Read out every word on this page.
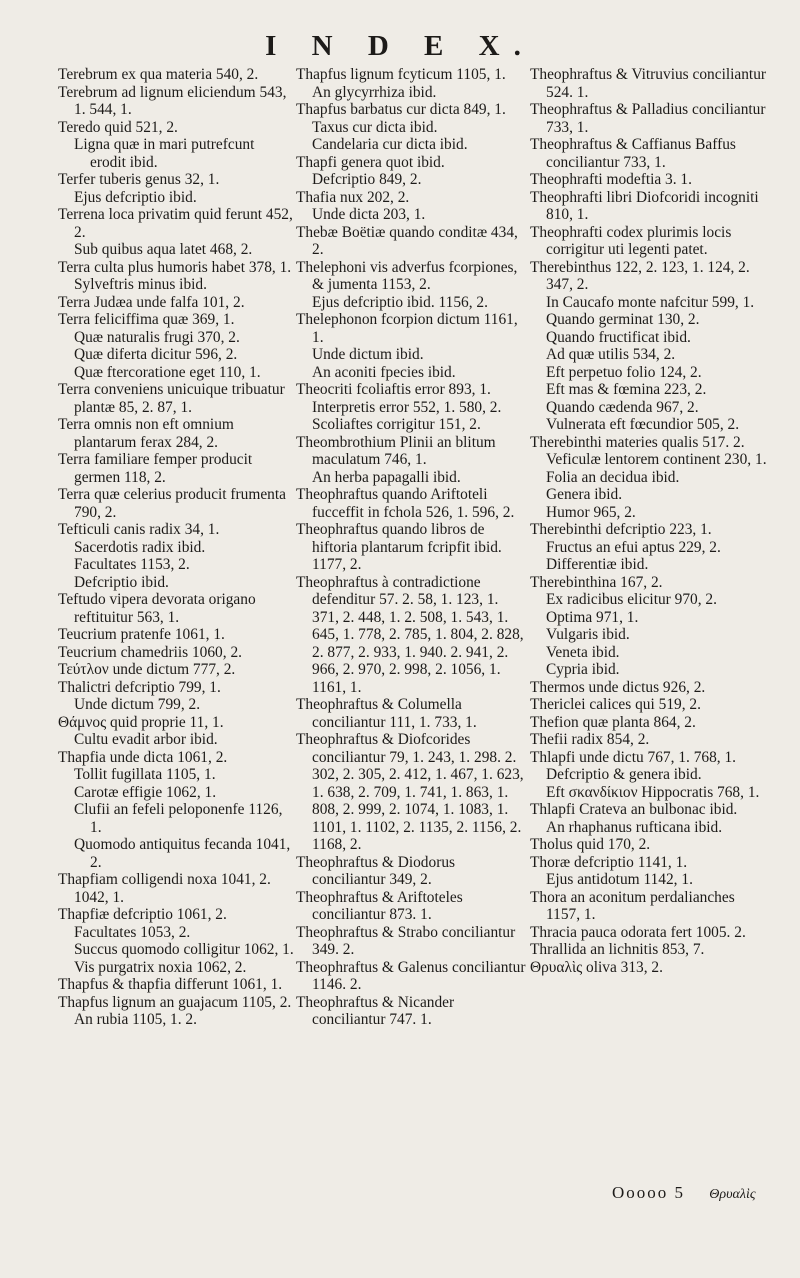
I N D E X.

Terebrum ex qua materia 540, 2.

Terebrum ad lignum eliciendum 543, 1. 544, 1.

Teredo quid 521, 2.

Ligna quæ in mari putrefcunt erodit ibid.

Terfer tuberis genus 32, 1.

Ejus defcriptio ibid.

Terrena loca privatim quid ferunt 452, 2.

Sub quibus aqua latet 468, 2.

Terra culta plus humoris habet 378, 1.

Sylveftris minus ibid.

Terra Judæa unde falfa 101, 2.

Terra feliciffima quæ 369, 1.

Quæ naturalis frugi 370, 2.

Quæ diferta dicitur 596, 2.

Quæ ftercoratione eget 110, 1.

Terra conveniens unicuique tribuatur plantæ 85, 2. 87, 1.

Terra omnis non eft omnium plantarum ferax 284, 2.

Terra familiare femper producit germen 118, 2.

Terra quæ celerius producit frumenta 790, 2.

Tefticuli canis radix 34, 1.

Sacerdotis radix ibid.

Facultates 1153, 2.

Defcriptio ibid.

Teftudo vipera devorata origano reftituitur 563, 1.

Teucrium pratenfe 1061, 1.

Teucrium chamedriis 1060, 2.

Τεύτλον unde dictum 777, 2.

Thalictri defcriptio 799, 1.

Unde dictum 799, 2.

Θάμνος quid proprie 11, 1.

Cultu evadit arbor ibid.

Thapfia unde dicta 1061, 2.

Tollit fugillata 1105, 1.

Carotæ effigie 1062, 1.

Clufii an fefeli peloponenfe 1126, 1.

Quomodo antiquitus fecanda 1041, 2.

Thapfiam colligendi noxa 1041, 2. 1042, 1.

Thapfiæ defcriptio 1061, 2.

Facultates 1053, 2.

Succus quomodo colligitur 1062, 1.

Vis purgatrix noxia 1062, 2.

Thapfus & thapfia differunt 1061, 1.

Thapfus lignum an guajacum 1105, 2.

An rubia 1105, 1. 2.

Thapfus lignum fcyticum 1105, 1.

An glycyrrhiza ibid.

Thapfus barbatus cur dicta 849, 1.

Taxus cur dicta ibid.

Candelaria cur dicta ibid.

Thapfi genera quot ibid.

Defcriptio 849, 2.

Thafia nux 202, 2.

Unde dicta 203, 1.

Thebæ Boëtiæ quando conditæ 434, 2.

Thelephoni vis adverfus fcorpiones, & jumenta 1153, 2.

Ejus defcriptio ibid. 1156, 2.

Thelephonon fcorpion dictum 1161, 1.

Unde dictum ibid.

An aconiti fpecies ibid.

Theocriti fcoliaftis error 893, 1.

Interpretis error 552, 1. 580, 2.

Scoliaftes corrigitur 151, 2.

Theombrothium Plinii an blitum maculatum 746, 1.

An herba papagalli ibid.

Theophraftus quando Ariftoteli fucceffit in fchola 526, 1. 596, 2.

Theophraftus quando libros de hiftoria plantarum fcripfit ibid. 1177, 2.

Theophraftus à contradictione defenditur 57. 2. 58, 1. 123, 1. 371, 2. 448, 1. 2. 508, 1. 543, 1. 645, 1. 778, 2. 785, 1. 804, 2. 828, 2. 877, 2. 933, 1. 940. 2. 941, 2. 966, 2. 970, 2. 998, 2. 1056, 1. 1161, 1.

Theophraftus & Columella conciliantur 111, 1. 733, 1.

Theophraftus & Diofcorides conciliantur 79, 1. 243, 1. 298. 2. 302, 2. 305, 2. 412, 1. 467, 1. 623, 1. 638, 2. 709, 1. 741, 1. 863, 1. 808, 2. 999, 2. 1074, 1. 1083, 1. 1101, 1. 1102, 2. 1135, 2. 1156, 2. 1168, 2.

Theophraftus & Diodorus conciliantur 349, 2.

Theophraftus & Ariftoteles conciliantur 873. 1.

Theophraftus & Strabo conciliantur 349. 2.

Theophraftus & Galenus conciliantur 1146. 2.

Theophraftus & Nicander conciliantur 747. 1.

Theophraftus & Vitruvius conciliantur 524. 1.

Theophraftus & Palladius conciliantur 733, 1.

Theophraftus & Caffianus Baffus conciliantur 733, 1.

Theophrafti modeftia 3. 1.

Theophrafti libri Diofcoridi incogniti 810, 1.

Theophrafti codex plurimis locis corrigitur uti legenti patet.

Therebinthus 122, 2. 123, 1. 124, 2. 347, 2.

In Caucafo monte nafcitur 599, 1.

Quando germinat 130, 2.

Quando fructificat ibid.

Ad quæ utilis 534, 2.

Eft perpetuo folio 124, 2.

Eft mas & fœmina 223, 2.

Quando cædenda 967, 2.

Vulnerata eft fœcundior 505, 2.

Therebinthi materies qualis 517. 2.

Veficulæ lentorem continent 230, 1.

Folia an decidua ibid.

Genera ibid.

Humor 965, 2.

Therebinthi defcriptio 223, 1.

Fructus an efui aptus 229, 2.

Differentiæ ibid.

Therebinthina 167, 2.

Ex radicibus elicitur 970, 2.

Optima 971, 1.

Vulgaris ibid.

Veneta ibid.

Cypria ibid.

Thermos unde dictus 926, 2.

Thericlei calices qui 519, 2.

Thefion quæ planta 864, 2.

Thefii radix 854, 2.

Thlapfi unde dictu 767, 1. 768, 1.

Defcriptio & genera ibid.

Eft σκανδίκιον Hippocratis 768, 1.

Thlapfi Crateva an bulbonac ibid.

An rhaphanus rufticana ibid.

Tholus quid 170, 2.

Thoræ defcriptio 1141, 1.

Ejus antidotum 1142, 1.

Thora an aconitum perdalianches 1157, 1.

Thracia pauca odorata fert 1005. 2.

Thrallida an lichnitis 853, 7.

Θρυαλὶς oliva 313, 2.

Ooooo 5 Θρυαλὶς
